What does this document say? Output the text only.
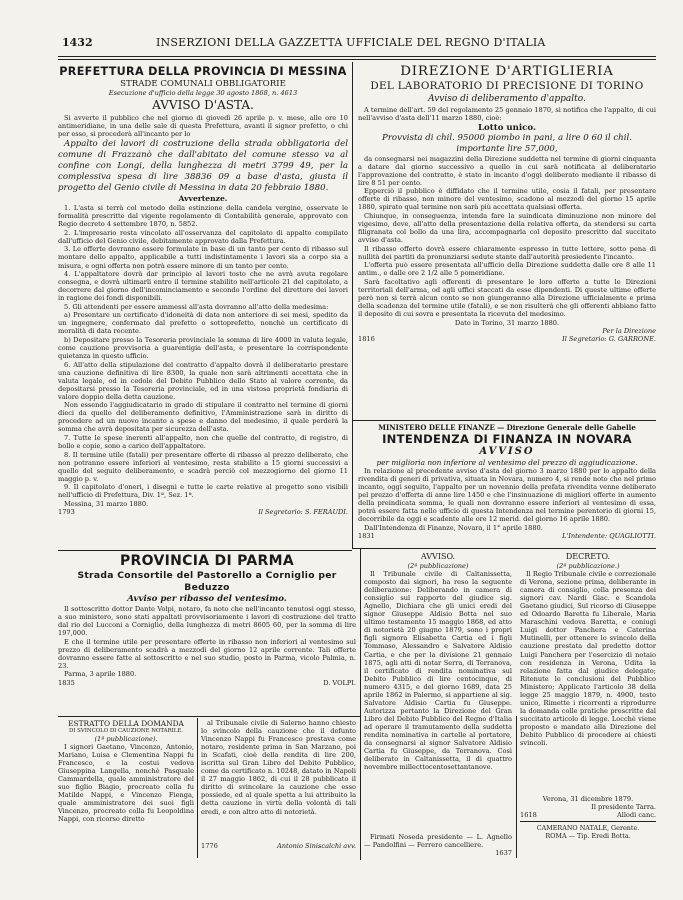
1432	INSERZIONI DELLA GAZZETTA UFFICIALE DEL REGNO D'ITALIA
PREFETTURA DELLA PROVINCIA DI MESSINA
STRADE COMUNALI OBBLIGATORIE
Esecuzione d'ufficio della legge 30 agosto 1868, n. 4613
AVVISO D'ASTA.

Si avverte il pubblico che nel giorno di giovedì 26 aprile p. v. mese, alle ore 10 antimeridiane, in una delle sale di questa Prefettura, avanti il signor prefetto, o chi per esso, si procederà all'incanto per lo

Appalto dei lavori di costruzione della strada obbligatoria del comune di Frazzanò che dall'abitato del comune stesso va al confine con Longi, della lunghezza di metri 3799 49, per la complessiva spesa di lire 38836 09 a base d'asta, giusta il progetto del Genio civile di Messina in data 20 febbraio 1880.

Avvertenze.

1. L'asta si terrà col metodo della estinzione della candela vergine, osservate le formalità prescritte dal vigente regolamento di Contabilità generale, approvato con Regio decreto 4 settembre 1870, n. 5852.

2. L'impresario resta vincolato all'osservanza del capitolato di appalto compilato dall'ufficio del Genio civile, debitamente approvato dalla Prefettura.

3. Le offerte dovranno essere formulate in base di un tanto per cento di ribasso sul montare dello appalto, applicabile a tutti indistintamente i lavori sia a corpo sia a misura, e ogni offerta non potrà essere minore di un tanto per cento.

4. L'appaltatore dovrà dar principio al lavori tosto che ne avrà avuta regolare consegna, e dovrà ultimarli entro il termine stabilito nell'articolo 21 del capitolato, a decorrere dal giorno dell'incominciamento e secondo l'ordine del direttore dei lavori in ragione dei fondi disponibili.

5. Gli attendenti per essere ammessi all'asta dovranno all'atto della medesima:

a) Presentare un certificato d'idoneità di data non anteriore di sei mesi, spedito da un ingegnere, confermato dal prefetto o sottoprefetto, nonchè un certificato di moralità di data recente.

b) Depositare presso la Tesoreria provinciale la somma di lire 4000 in valuta legale, come cauzione provvisoria a guarentigia dell'asta, e presentare la corrispondente quietanza in questo ufficio.

6. All'atto della stipulazione del contratto d'appalto dovrà il deliberatario prestare una cauzione definitiva di lire 8300, la quale non sarà altrimenti accettata che in valuta legale, od in cedole del Debito Pubblico dello Stato al valore corrente, da depositarsi presso la Tesoreria provinciale, ed in una vistosa proprietà fondiaria di valore doppio della detta cauzione.

Non essendo l'aggiudicatario in grado di stipulare il contratto nel termine di giorni dieci da quello del deliberamento definitivo, l'Amministrazione sarà in diritto di procedere ad un nuovo incanto a spese e danno del medesimo, il quale perderà la somma che avrà depositata per sicurezza dell'asta.

7. Tutte le spese inerenti all'appalto, non che quelle del contratto, di registro, di bollo e copie, sono a carico dell'appaltatore.

8. Il termine utile (fatali) per presentare offerte di ribasso al prezzo deliberato, che non potranno essere inferiori al ventesimo, resta stabilito a 15 giorni successivi a quello del seguito deliberamento, e scadrà perciò col mezzogiorno del giorno 11 maggio p. v.

9. Il capitolato d'oneri, i disegni e tutte le carte relative al progetto sono visibili nell'ufficio di Prefettura, Div. 1ª, Sez. 1ª.

Messina, 31 marzo 1880.

1793	Il Segretario: S. FERAUDI.
DIREZIONE D'ARTIGLIERIA
DEL LABORATORIO DI PRECISIONE DI TORINO
Avviso di deliberamento d'appalto.

A termine dell'art. 59 del regolamento 25 gennaio 1870, si notifica che l'appalto, di cui nell'avviso d'asta dell'11 marzo 1880, cioè:

Lotto unico.
Provvista di chil. 95000 piombo in pani, a lire 0 60 il chil. importante lire 57,000,

da consegnarsi nei magazzini della Direzione suddetta nel termine di giorni cinquanta a datare dal giorno successivo a quello in cui sarà notificata al deliberatario l'approvazione del contratto, è stato in incanto d'oggi deliberato mediante il ribasso di lire 8 51 per cento.

Epperciò il pubblico è diffidato che il termine utile, cosia il fatali, per presentare offerte di ribasso, non minore del ventesimo, scadono al mezzodì del giorno 15 aprile 1880, spirato qual termine non sarà più accettata qualsiasi offerta.

Chiunque, in conseguenza, intenda fare la suindicata diminuzione non minore del vigesimo, deve, all'atto della presentazione della relativa offerta, da stendersi su carta filigranata col bollo da una lira, accompagnarla col deposito prescritto dal succitato avviso d'asta.

Il ribasso offerto dovrà essere chiaramente espresso in tutte lettere, sotto pena di nullità dei partiti da pronunziarsi sedute stante dall'autorità presiedente l'incanto.

L'offerta può essere presentata all'ufficio della Direzione suddetta dalle ore 8 alle 11 antim., e dalle ore 2 1/2 alle 5 pomeridiane.

Sarà facoltativo agli offerenti di presentare le loro offerte a tutte le Direzioni territoriali dell'arma, od agli uffici staccati da esse dipendenti. Di queste ultime offerte però non si terrà alcun conto se non giungeranno alla Direzione ufficialmente e prima della scadenza del termine utile (fatali), e se non risulterà che gli offerenti abbiano fatto il deposito di cui sovra e presentata la ricevuta del medesimo.

Dato in Torino, 31 marzo 1880.

Per la Direzione
1816	Il Segretario: G. GARRONE.
MINISTERO DELLE FINANZE — Direzione Generale delle Gabelle
INTENDENZA DI FINANZA IN NOVARA
AVVISO
per miglioria non inferiore al ventesimo del prezzo di aggiudicazione.

In relazione al precedente avviso d'asta del giorno 3 marzo 1880 per lo appalto della rivendita di generi di privativa, situata in Novara, numero 4, si rende noto che nel primo incanto, oggi seguito, l'appalto per un novennio della prefata rivendita venne deliberato pel prezzo d'offerta di anne lire 1450 e che l'insinuazione di migliori offerte in aumento della preindicata somma, le quali non dovranno essere inferiori al ventesimo di essa, potrà essere fatta nello ufficio di questa Intendenza nel termine perentorio di giorni 15, decorribile da oggi e scadente alle ore 12 merid. del giorno 16 aprile 1880.

Dall'Intendenza di Finanze, Novara, il 1° aprile 1880.

1831	L'Intendente: QUAGLIOTTI.
PROVINCIA DI PARMA
Strada Consortile del Pastorello a Corniglio per Beduzzo
Avviso per ribasso del ventesimo.

Il sottoscritto dottor Dante Volpi, notaro, fa noto che nell'incanto tenutosi oggi stesso, a suo ministero, sono stati appaltati provvisoriamente i lavori di costruzione del tratto dal rio del Lucconi a Corniglio, della lunghezza di metri 8605 60, per la somma di lire 197,000.

E che il termine utile per presentare offerte in ribasso non inferiori al ventesimo sul prezzo di deliberamento scadrà a mezzodì del giorno 12 aprile corrente. Tali offerte dovranno essere fatte al sottoscritto e nel suo studio, posto in Parma, vicolo Palmia, n. 23.

Parma, 3 aprile 1880.

1835	D. VOLPI.
ESTRATTO DELLA DOMANDA
DI SVINCOLO DI CAUZIONE NOTARILE.
(1ª pubblicazione).

I signori Gaetano, Vincenzo, Antonio, Mariano, Luisa e Clementina Nappi fu Francesco, e la costui vedova Giuseppina Langella, nonchè Pasquale Cammardella, quale amministratore del suo figlio Biagio, procreato colla fu Matilde Nappi, e Vincenzo Fienga, quale amministratore dei suoi figli Vincenzo, procreato colla fu Leopoldina Nappi, con ricorso diretto

al Tribunale civile di Salerno hanno chiesto lo svincolo della cauzione che il defunto Vincenzo Nappi fu Francesco prestava come notaro, residente prima in San Marzano, poi in Scafati, cioè della rendita di lire 200, iscritta sul Gran Libro del Debito Pubblico, come da certificato n. 10248, datato in Napoli il 27 maggio 1862, di cui il 28 pubblicato il diritto di svincolare la cauzione che esso possiede, ed al quale spetta a lui attribuito la detta cauzione in virtù della volontà di tali eredi, e con altro atto di notorietà.

1776	Antonio Siniscalchi avv.
AVVISO.
(2ª pubblicazione)

Il Tribunale civile di Caltanissetta, composto dai signori, ha reso la seguente deliberazione: Deliberando in camera di consiglio sul rapporto del giudice sig. Agnello, Dichiara che gli unici eredi del signor Giuseppe Aldisio Botta nel suo ultimo testamento 15 maggio 1868, ed atto di notorietà 20 giugno 1879, sono i propri figli signora Elisabetta Cartia ed i figli Tommaso, Alessandro e Salvatore Aldisio Cartia, e che per la divisione 21 gennaio 1875, agli atti di notar Serra, di Terranova, il certificato di rendita nominativa sul Debito Pubblico di lire centocinque, di numero 4315, e del giorno 1689, data 25 aprile 1862 in Palermo, si appartiene al sig. Salvatore Aldisio Cartia fu Giuseppe. Autorizza pertanto la Direzione del Gran Libro del Debito Pubblico del Regno d'Italia ad operare il tramutamento della suddetta rendita nominativa in cartelle al portatore, da consegnarsi al signor Salvatore Aldisio Cartia fu Giuseppe, da Terranova. Così deliberato in Caltanissetta, il di quattro novembre millecttocentosettantanove.

Firmati Noseda presidente — L. Agnello — Pandolfini — Ferrero cancelliere.

1637
DECRETO.
(2ª pubblicazione.)

Il Regio Tribunale civile e correzionale di Verona, sezione prima, deliberante in camera di consiglio, colla presenza dei signori cav. Nardi Giac. e Scandola Gaetano giudici, Sul ricorso di Giuseppe ed Odoardo Baretta fu Liberale, Maria Maraschini vedova Baretta, e coniugi Luigi dottor Panchera e Caterina Mutinelli, per ottenere lo svincolo della cauzione prestata dal predetto dottor Luigi Panchera per l'esercizio di notaio con residenza in Verona, Udita la relazione fatta dal giudice delegato; Ritenute le conclusioni del Pubblico Ministero; Applicato l'articolo 38 della legge 25 maggio 1879, n. 4900, testo unico, Rimette i ricorrenti a riprodurre la domanda colle pratiche prescritte dal succitato articolo di legge. Locchè viene proposto e mandato alla Direzione del Debito Pubblico di procedere ai chiesti svincoli.

Verona, 31 dicembre 1879.
Il presidente Tarra.
1618	Allodi canc.
CAMERANO NATALE, Gerente.
ROMA — Tip. Eredi Botta.
